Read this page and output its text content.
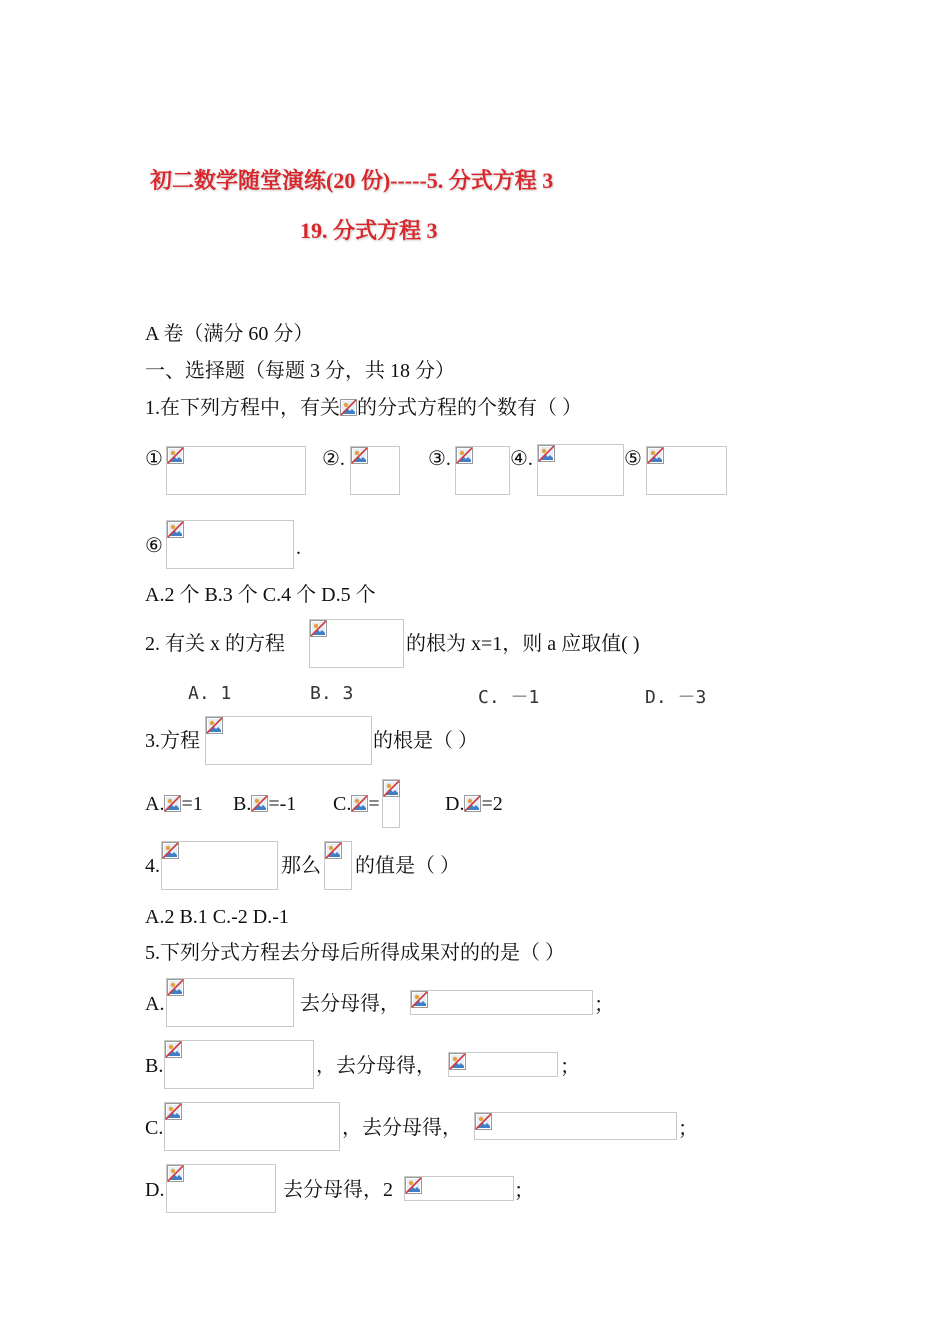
初二数学随堂演练(20 份)-----5. 分式方程 3
19. 分式方程 3
A 卷（满分 60 分）
一、选择题（每题 3 分，共 18 分）
1.在下列方程中，有关 的分式方程的个数有（ ）
①	②.	③.	④.	⑤
⑥	.
A.2 个 B.3 个 C.4 个 D.5 个
2. 有关 x 的方程	的根为 x=1，则 a 应取值( )
A. 1	B. 3	C. －1	D. －3
3.方程	的根是（ ）
A. =1 B. =-1 C. =	D. =2
4.	那么 的值是（ ）
A.2 B.1 C.-2 D.-1
5.下列分式方程去分母后所得成果对的的是（ ）
A.	去分母得，	；
B.	，去分母得，	；
C.	，去分母得，	；
D.	去分母得，2	；
